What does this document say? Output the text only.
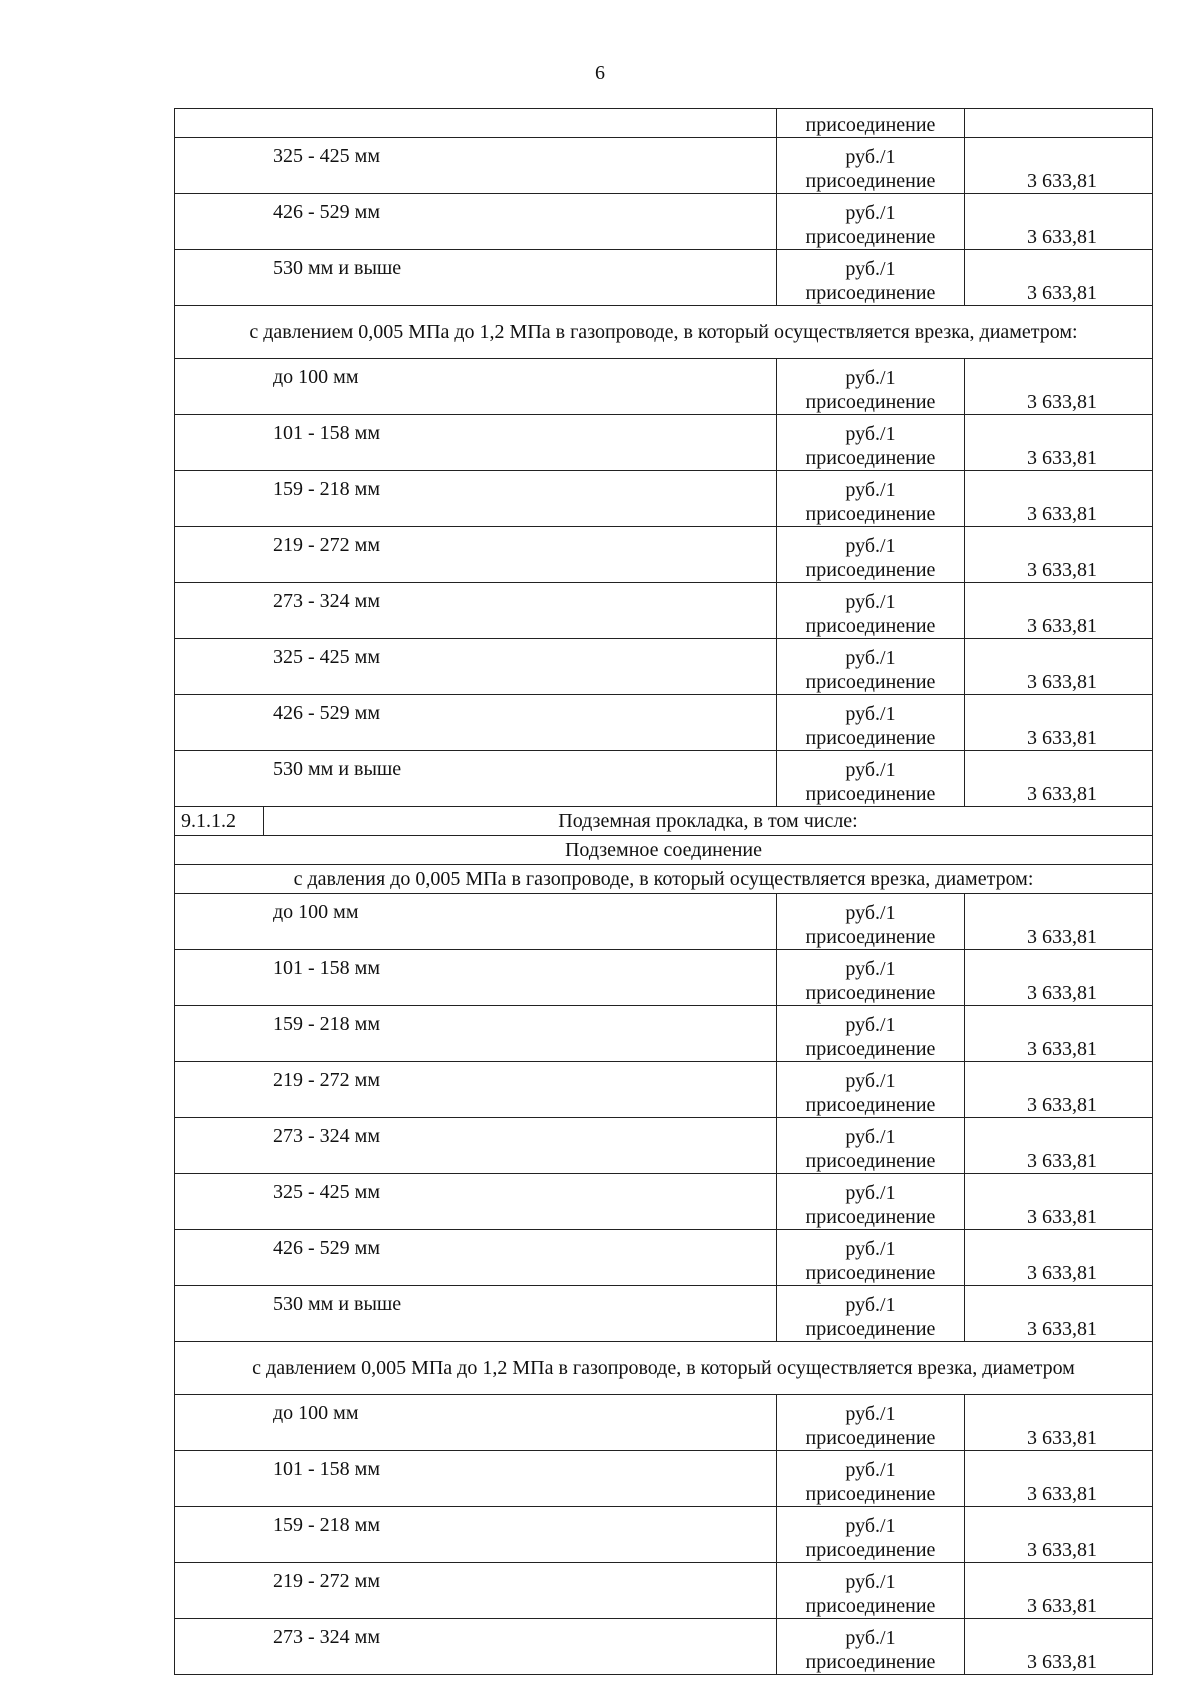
6
		присоединение	
325 - 425 мм		руб./1
присоединение	3 633,81
426 - 529 мм		руб./1
присоединение	3 633,81
530 мм и выше		руб./1
присоединение	3 633,81
с давлением 0,005 МПа до 1,2 МПа в газопроводе, в который осуществляется врезка, диаметром:			
до 100 мм		руб./1
присоединение	3 633,81
101 - 158 мм		руб./1
присоединение	3 633,81
159 - 218 мм		руб./1
присоединение	3 633,81
219 - 272 мм		руб./1
присоединение	3 633,81
273 - 324 мм		руб./1
присоединение	3 633,81
325 - 425 мм		руб./1
присоединение	3 633,81
426 - 529 мм		руб./1
присоединение	3 633,81
530 мм и выше		руб./1
присоединение	3 633,81
9.1.1.2	Подземная прокладка, в том числе:		
Подземное соединение			
с давления до 0,005 МПа в газопроводе, в который осуществляется врезка, диаметром:			
до 100 мм		руб./1
присоединение	3 633,81
101 - 158 мм		руб./1
присоединение	3 633,81
159 - 218 мм		руб./1
присоединение	3 633,81
219 - 272 мм		руб./1
присоединение	3 633,81
273 - 324 мм		руб./1
присоединение	3 633,81
325 - 425 мм		руб./1
присоединение	3 633,81
426 - 529 мм		руб./1
присоединение	3 633,81
530 мм и выше		руб./1
присоединение	3 633,81
с давлением 0,005 МПа до 1,2 МПа в газопроводе, в который осуществляется врезка, диаметром			
до 100 мм		руб./1
присоединение	3 633,81
101 - 158 мм		руб./1
присоединение	3 633,81
159 - 218 мм		руб./1
присоединение	3 633,81
219 - 272 мм		руб./1
присоединение	3 633,81
273 - 324 мм		руб./1
присоединение	3 633,81
